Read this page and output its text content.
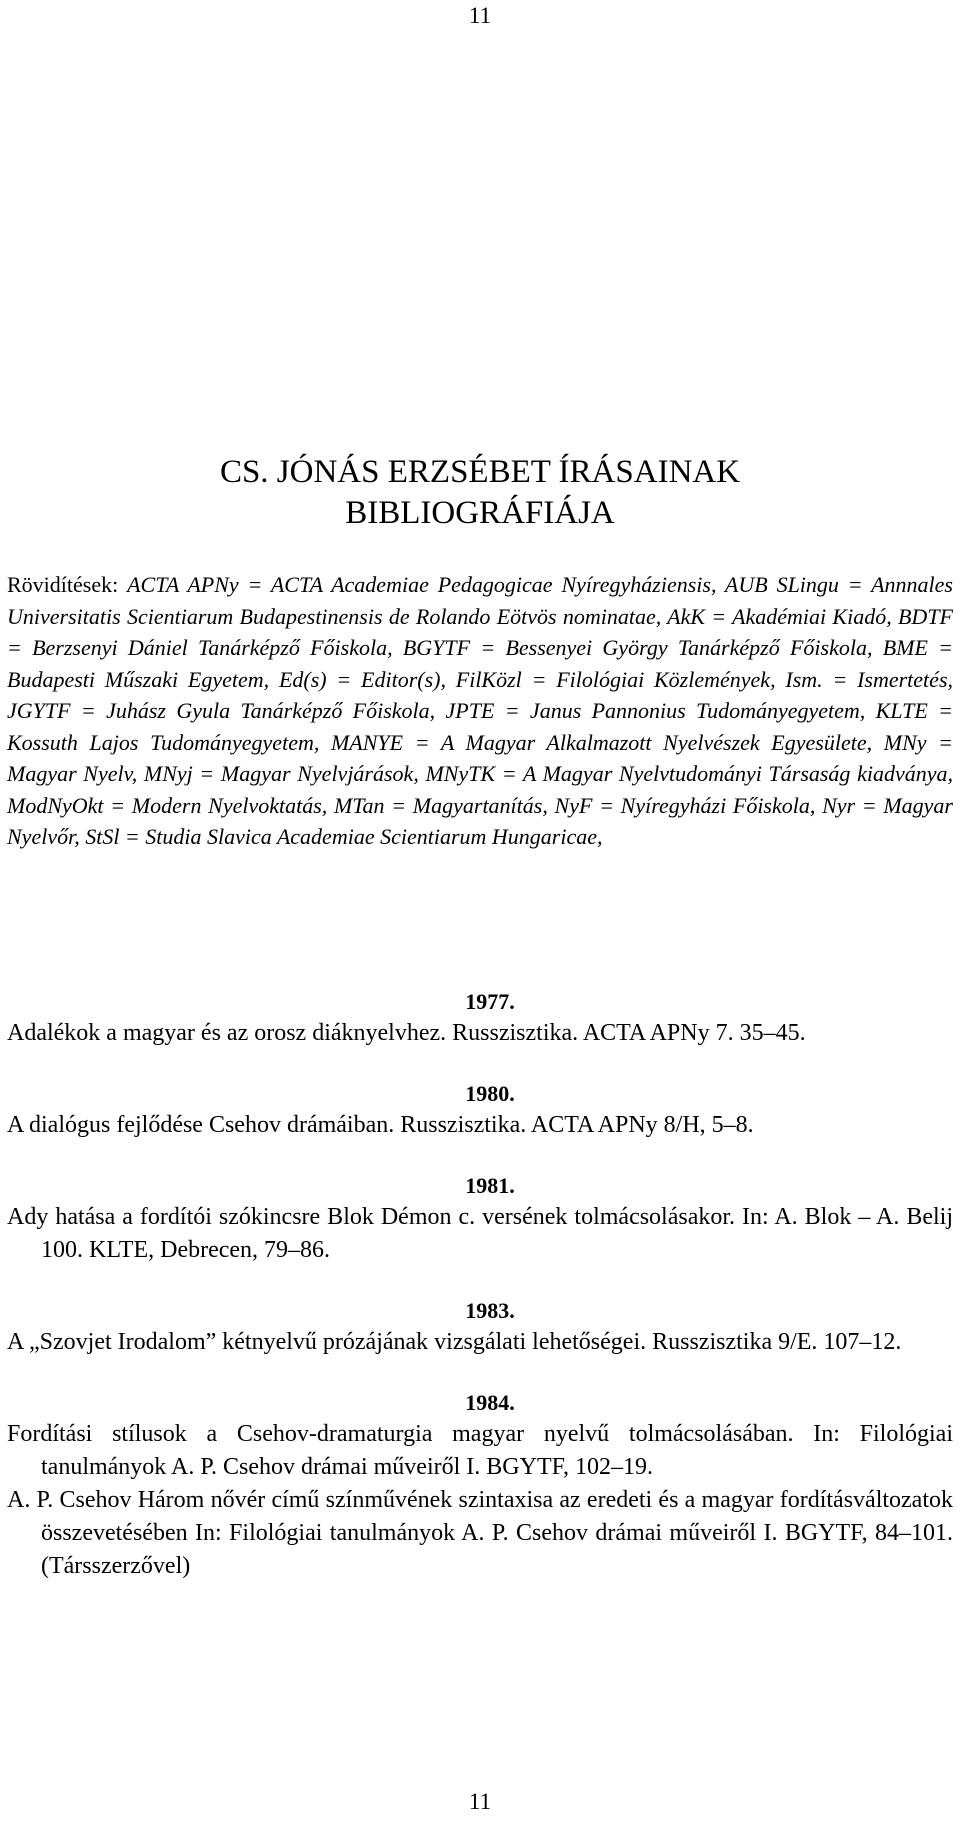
11
CS. JÓNÁS ERZSÉBET ÍRÁSAINAK
BIBLIOGRÁFIÁJA

Rövidítések: ACTA APNy = ACTA Academiae Pedagogicae Nyíregyháziensis, AUB SLingu = Annnales Universitatis Scientiarum Budapestinensis de Rolando Eötvös nominatae, AkK = Akadémiai Kiadó, BDTF = Berzsenyi Dániel Tanárképző Főiskola, BGYTF = Bessenyei György Tanárképző Főiskola, BME = Budapesti Műszaki Egyetem, Ed(s) = Editor(s), FilKözl = Filológiai Közlemények, Ism. = Ismertetés, JGYTF = Juhász Gyula Tanárképző Főiskola, JPTE = Janus Pannonius Tudományegyetem, KLTE = Kossuth Lajos Tudományegyetem, MANYE = A Magyar Alkalmazott Nyelvészek Egyesülete, MNy = Magyar Nyelv, MNyj = Magyar Nyelvjárások, MNyTK = A Magyar Nyelvtudományi Társaság kiadványa, ModNyOkt = Modern Nyelvoktatás, MTan = Magyartanítás, NyF = Nyíregyházi Főiskola, Nyr = Magyar Nyelvőr, StSl = Studia Slavica Academiae Scientiarum Hungaricae,

1977.

Adalékok a magyar és az orosz diáknyelvhez. Russzisztika. ACTA APNy 7. 35–45.

1980.

A dialógus fejlődése Csehov drámáiban. Russzisztika. ACTA APNy 8/H, 5–8.

1981.

Ady hatása a fordítói szókincsre Blok Démon c. versének tolmácsolásakor. In: A. Blok – A. Belij 100. KLTE, Debrecen, 79–86.

1983.

A „Szovjet Irodalom” kétnyelvű prózájának vizsgálati lehetőségei. Russzisztika 9/E. 107–12.

1984.

Fordítási stílusok a Csehov-dramaturgia magyar nyelvű tolmácsolásában. In: Filológiai tanulmányok A. P. Csehov drámai műveiről I. BGYTF, 102–19.

A. P. Csehov Három nővér című színművének szintaxisa az eredeti és a magyar fordításváltozatok összevetésében In: Filológiai tanulmányok A. P. Csehov drámai műveiről I. BGYTF, 84–101. (Társszerzővel)

11
